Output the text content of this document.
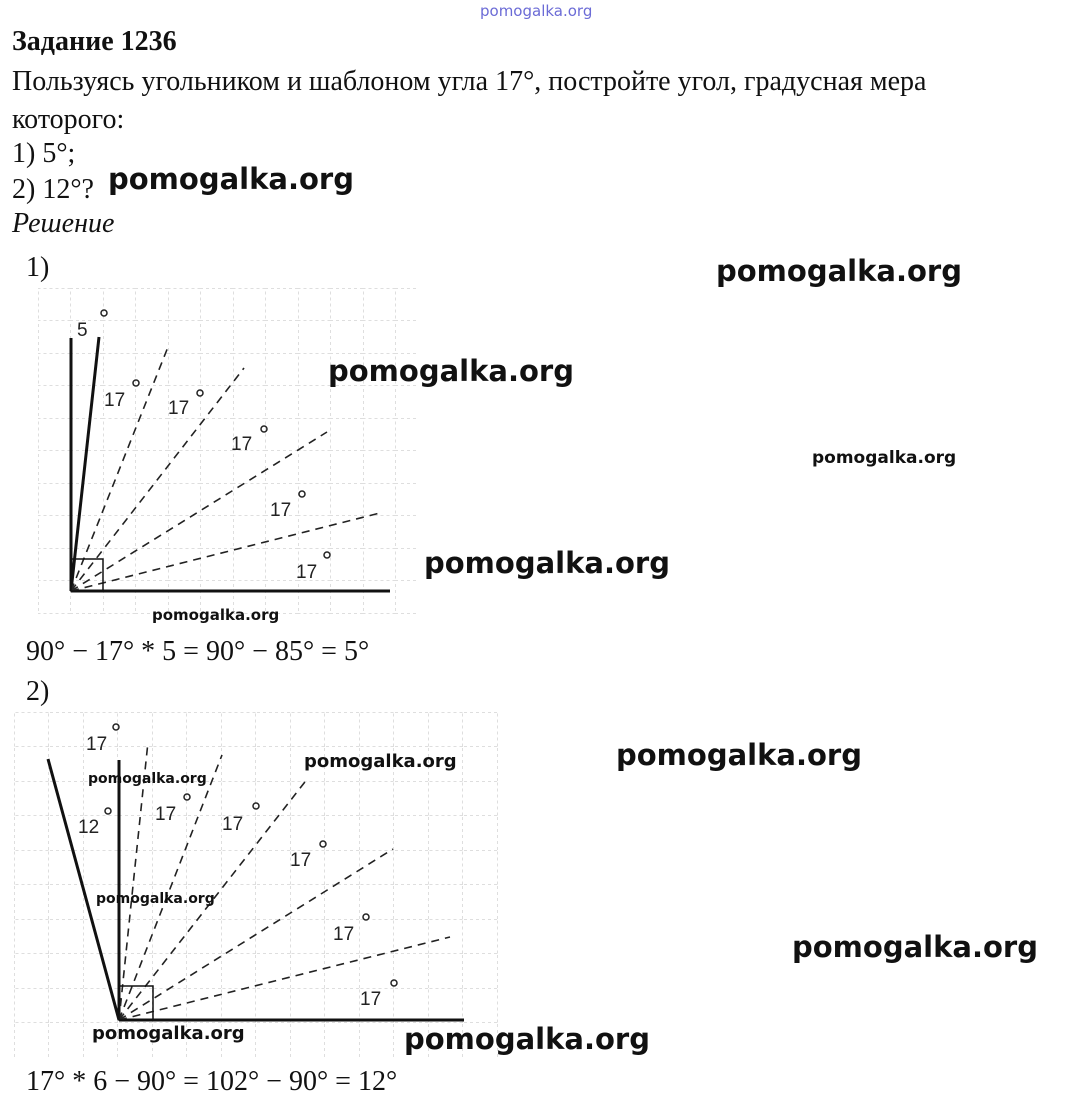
pomogalka.org
Задание 1236
Пользуясь угольником и шаблоном угла 17°, постройте угол, градусная мера
которого:
1) 5°;
2) 12°?
Решение
1)
5
17 17
17
17
17
17
12
17 17
17
17
17
90° − 17° * 5 = 90° − 85° = 5°
2)
17° * 6 − 90° = 102° − 90° = 12°
pomogalka.org
pomogalka.org
pomogalka.org
pomogalka.org
pomogalka.org
pomogalka.org
pomogalka.org
pomogalka.org
pomogalka.org
pomogalka.org
pomogalka.org
pomogalka.org	pomogalka.org
